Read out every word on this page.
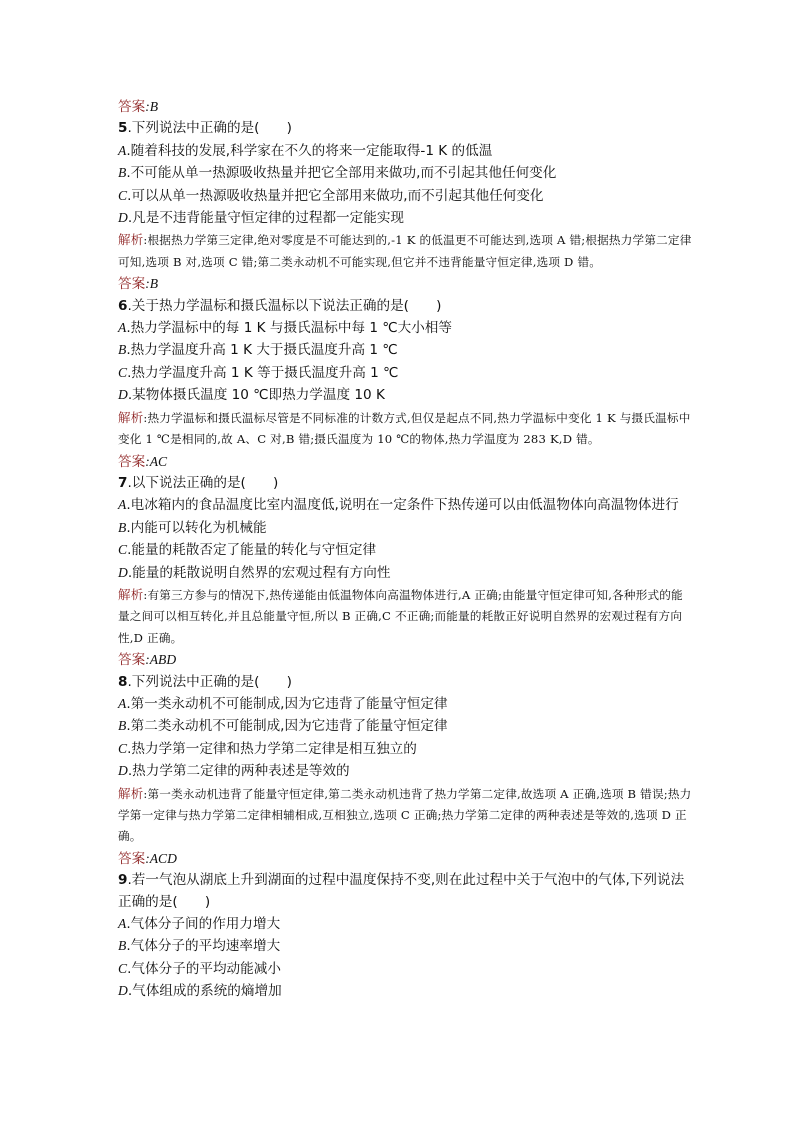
答案:B
5.下列说法中正确的是(　　)
A.随着科技的发展,科学家在不久的将来一定能取得-1 K 的低温
B.不可能从单一热源吸收热量并把它全部用来做功,而不引起其他任何变化
C.可以从单一热源吸收热量并把它全部用来做功,而不引起其他任何变化
D.凡是不违背能量守恒定律的过程都一定能实现
解析:根据热力学第三定律,绝对零度是不可能达到的,-1 K 的低温更不可能达到,选项 A 错;根据热力学第二定律可知,选项 B 对,选项 C 错;第二类永动机不可能实现,但它并不违背能量守恒定律,选项 D 错。
答案:B
6.关于热力学温标和摄氏温标以下说法正确的是(　　)
A.热力学温标中的每 1 K 与摄氏温标中每 1 ℃大小相等
B.热力学温度升高 1 K 大于摄氏温度升高 1 ℃
C.热力学温度升高 1 K 等于摄氏温度升高 1 ℃
D.某物体摄氏温度 10 ℃即热力学温度 10 K
解析:热力学温标和摄氏温标尽管是不同标准的计数方式,但仅是起点不同,热力学温标中变化 1 K 与摄氏温标中变化 1 ℃是相同的,故 A、C 对,B 错;摄氏温度为 10 ℃的物体,热力学温度为 283 K,D 错。
答案:AC
7.以下说法正确的是(　　)
A.电冰箱内的食品温度比室内温度低,说明在一定条件下热传递可以由低温物体向高温物体进行
B.内能可以转化为机械能
C.能量的耗散否定了能量的转化与守恒定律
D.能量的耗散说明自然界的宏观过程有方向性
解析:有第三方参与的情况下,热传递能由低温物体向高温物体进行,A 正确;由能量守恒定律可知,各种形式的能量之间可以相互转化,并且总能量守恒,所以 B 正确,C 不正确;而能量的耗散正好说明自然界的宏观过程有方向性,D 正确。
答案:ABD
8.下列说法中正确的是(　　)
A.第一类永动机不可能制成,因为它违背了能量守恒定律
B.第二类永动机不可能制成,因为它违背了能量守恒定律
C.热力学第一定律和热力学第二定律是相互独立的
D.热力学第二定律的两种表述是等效的
解析:第一类永动机违背了能量守恒定律,第二类永动机违背了热力学第二定律,故选项 A 正确,选项 B 错误;热力学第一定律与热力学第二定律相辅相成,互相独立,选项 C 正确;热力学第二定律的两种表述是等效的,选项 D 正确。
答案:ACD
9.若一气泡从湖底上升到湖面的过程中温度保持不变,则在此过程中关于气泡中的气体,下列说法正确的是(　　)
A.气体分子间的作用力增大
B.气体分子的平均速率增大
C.气体分子的平均动能减小
D.气体组成的系统的熵增加
